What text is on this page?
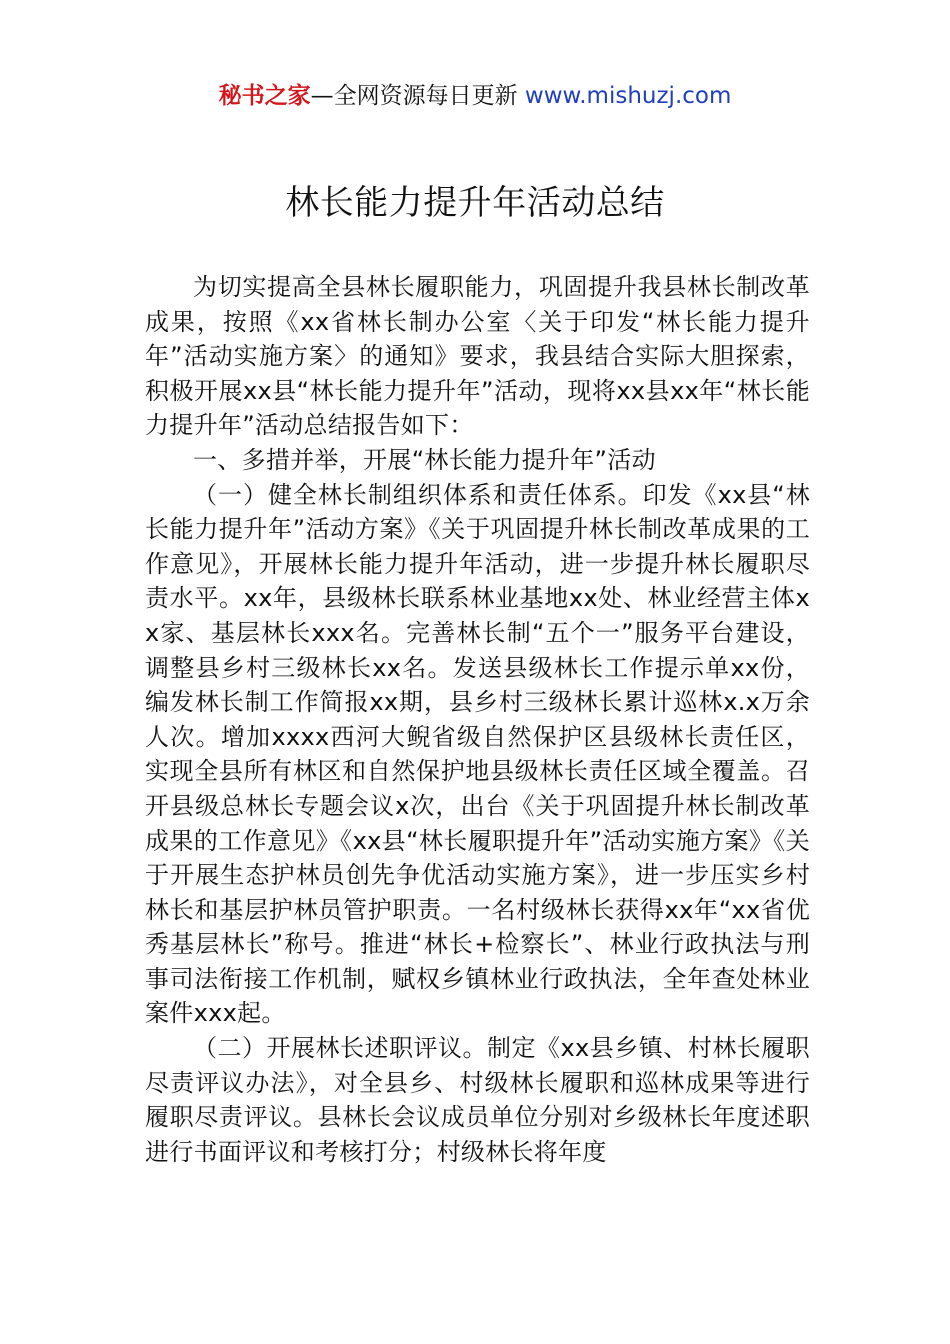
秘书之家—全网资源每日更新 www.mishuzj.com
林长能力提升年活动总结

为切实提高全县林长履职能力，巩固提升我县林长制改革成果，按照《xx省林长制办公室〈关于印发“林长能力提升年”活动实施方案〉的通知》要求，我县结合实际大胆探索，积极开展xx县“林长能力提升年”活动，现将xx县xx年“林长能力提升年”活动总结报告如下：

一、多措并举，开展“林长能力提升年”活动

（一）健全林长制组织体系和责任体系。印发《xx县“林长能力提升年”活动方案》《关于巩固提升林长制改革成果的工作意见》，开展林长能力提升年活动，进一步提升林长履职尽责水平。xx年，县级林长联系林业基地xx处、林业经营主体xx家、基层林长xxx名。完善林长制“五个一”服务平台建设，调整县乡村三级林长xx名。发送县级林长工作提示单xx份，编发林长制工作简报xx期，县乡村三级林长累计巡林x.x万余人次。增加xxxx西河大鲵省级自然保护区县级林长责任区，实现全县所有林区和自然保护地县级林长责任区域全覆盖。召开县级总林长专题会议x次，出台《关于巩固提升林长制改革成果的工作意见》《xx县“林长履职提升年”活动实施方案》《关于开展生态护林员创先争优活动实施方案》，进一步压实乡村林长和基层护林员管护职责。一名村级林长获得xx年“xx省优秀基层林长”称号。推进“林长+检察长”、林业行政执法与刑事司法衔接工作机制，赋权乡镇林业行政执法，全年查处林业案件xxx起。

（二）开展林长述职评议。制定《xx县乡镇、村林长履职尽责评议办法》，对全县乡、村级林长履职和巡林成果等进行履职尽责评议。县林长会议成员单位分别对乡级林长年度述职进行书面评议和考核打分；村级林长将年度
